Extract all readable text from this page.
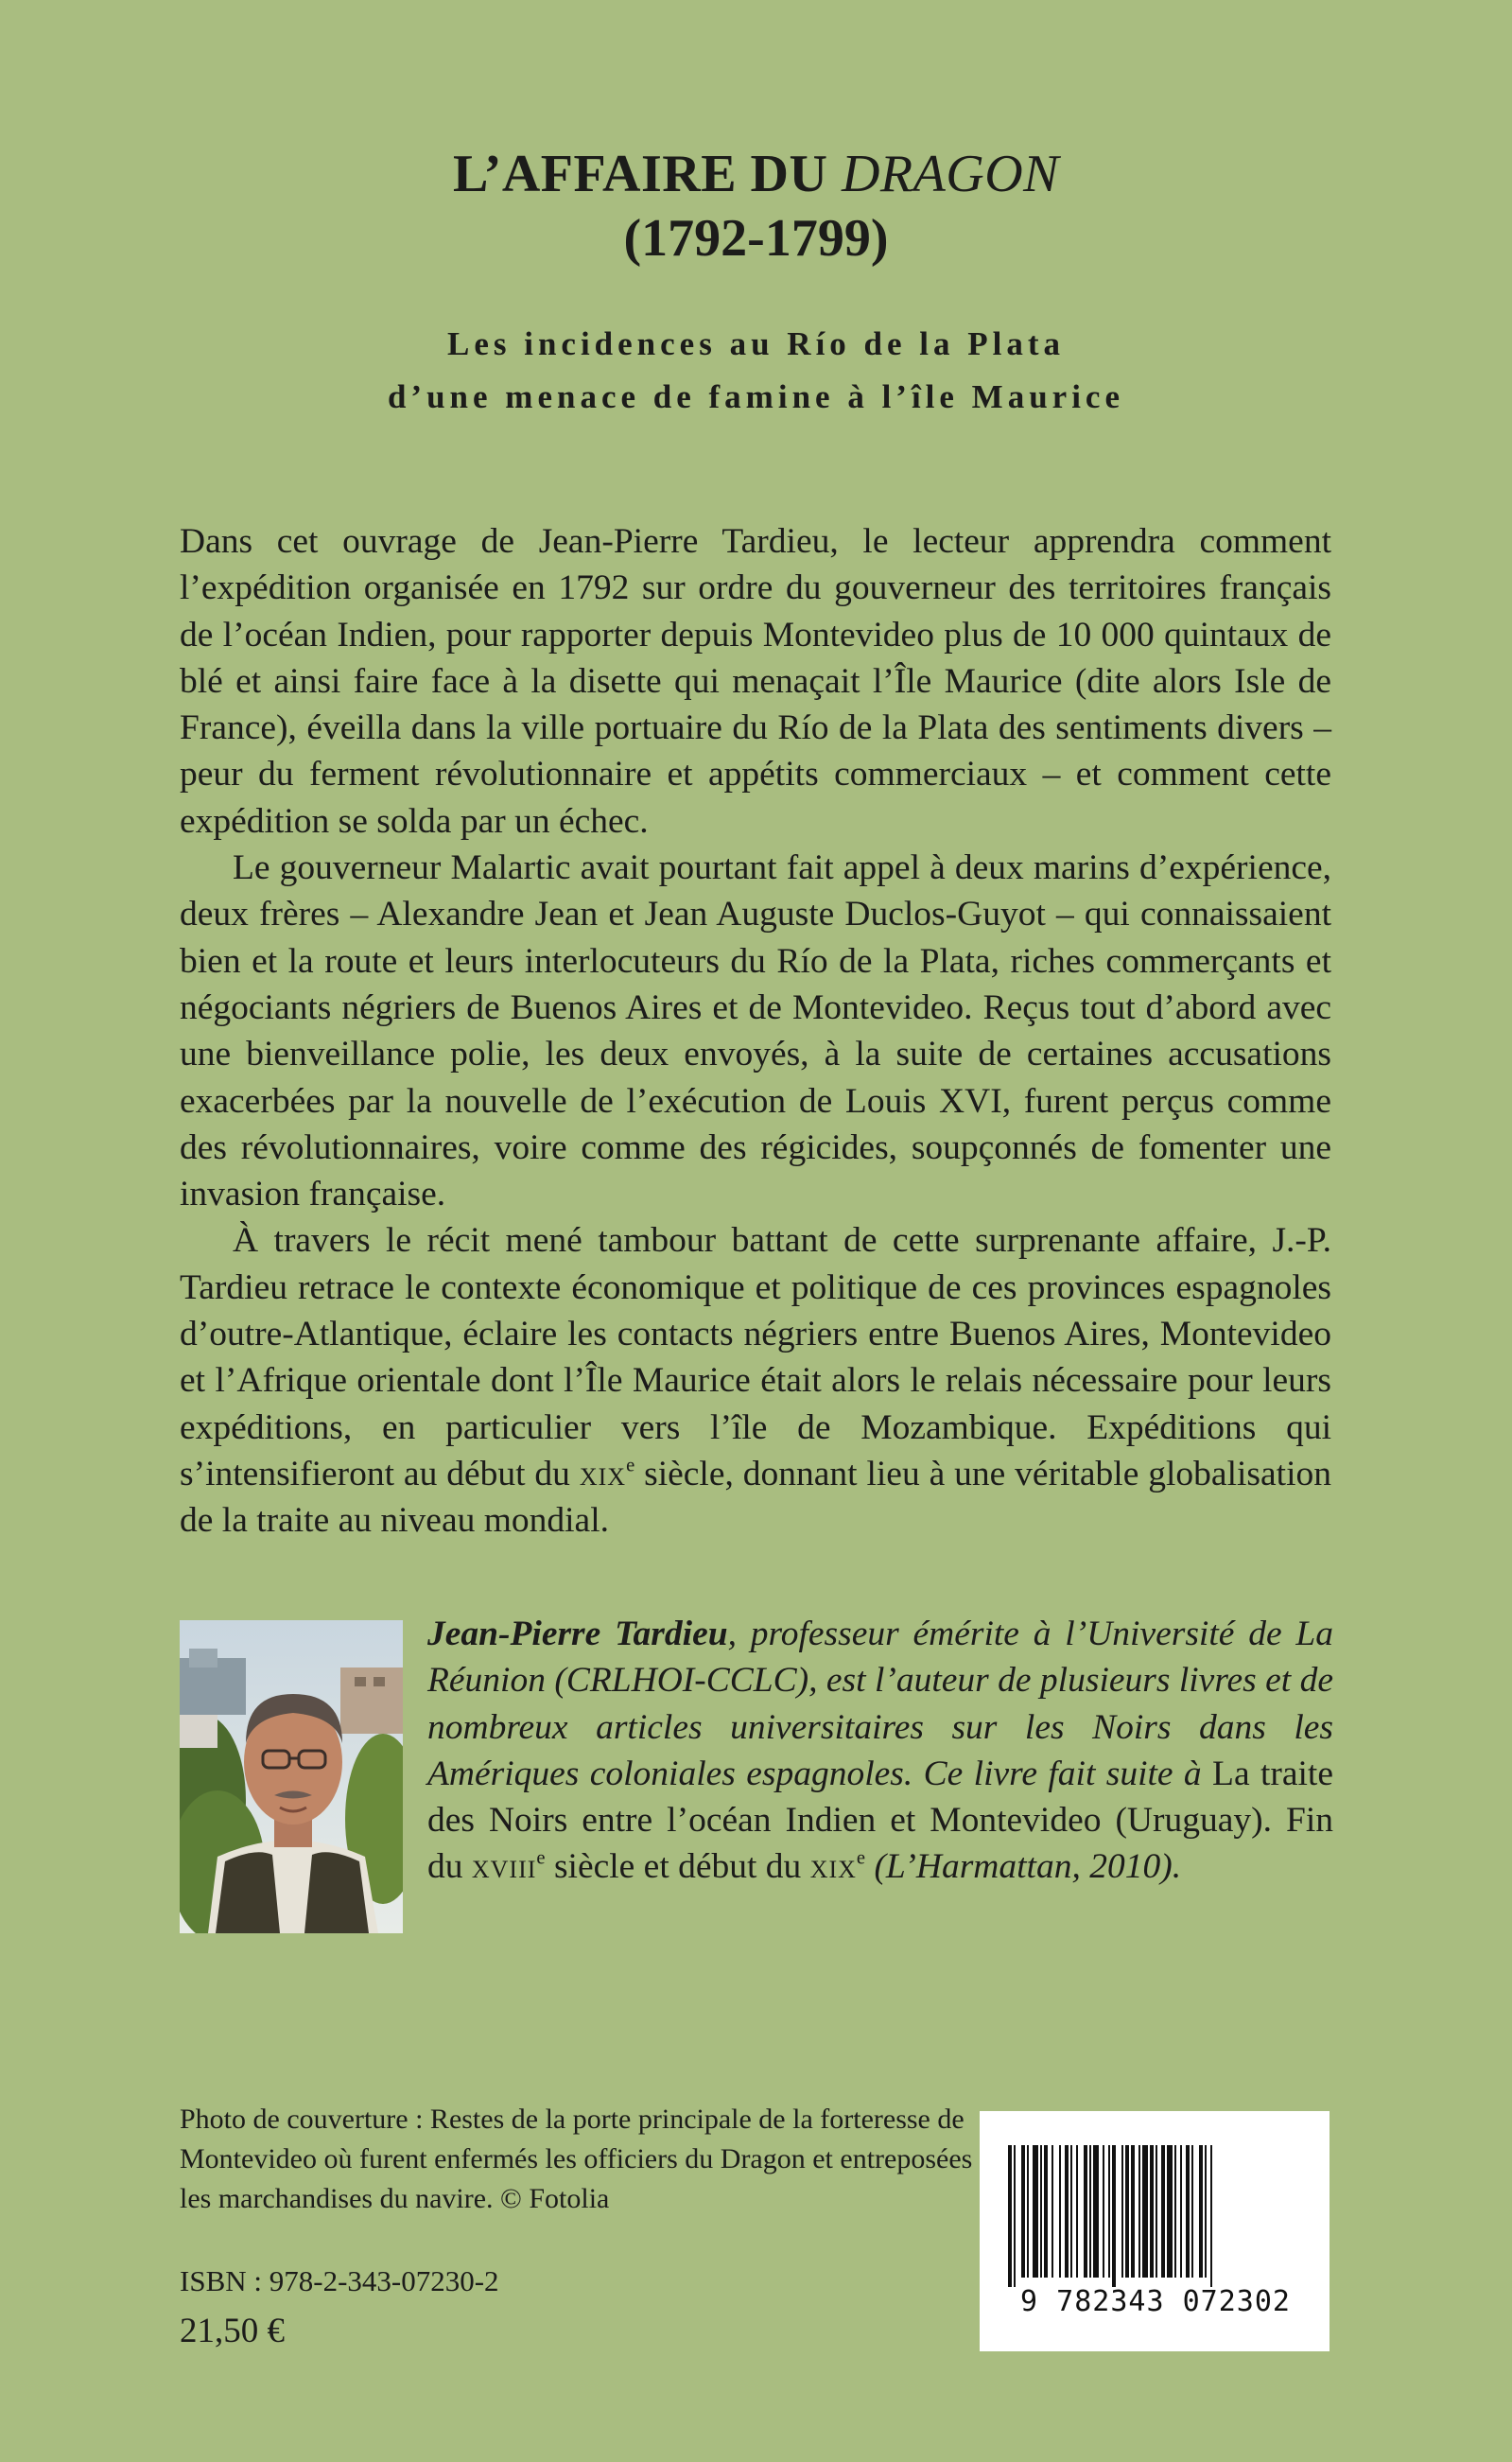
L’AFFAIRE DU DRAGON
(1792-1799)
Les incidences au Río de la Plata
d’une menace de famine à l’île Maurice

Dans cet ouvrage de Jean-Pierre Tardieu, le lecteur apprendra comment l’expédition organisée en 1792 sur ordre du gouverneur des territoires français de l’océan Indien, pour rapporter depuis Montevideo plus de 10 000 quintaux de blé et ainsi faire face à la disette qui menaçait l’Île Maurice (dite alors Isle de France), éveilla dans la ville portuaire du Río de la Plata des sentiments divers – peur du ferment révolutionnaire et appétits commerciaux – et comment cette expédition se solda par un échec.

Le gouverneur Malartic avait pourtant fait appel à deux marins d’expérience, deux frères – Alexandre Jean et Jean Auguste Duclos-Guyot – qui connaissaient bien et la route et leurs interlocuteurs du Río de la Plata, riches commerçants et négociants négriers de Buenos Aires et de Montevideo. Reçus tout d’abord avec une bienveillance polie, les deux envoyés, à la suite de certaines accusations exacerbées par la nouvelle de l’exécution de Louis XVI, furent perçus comme des révolutionnaires, voire comme des régicides, soupçonnés de fomenter une invasion française.

À travers le récit mené tambour battant de cette surprenante affaire, J.-P. Tardieu retrace le contexte économique et politique de ces provinces espagnoles d’outre-Atlantique, éclaire les contacts négriers entre Buenos Aires, Montevideo et l’Afrique orientale dont l’Île Maurice était alors le relais nécessaire pour leurs expéditions, en particulier vers l’île de Mozambique. Expéditions qui s’intensifieront au début du xix$^e$ siècle, donnant lieu à une véritable globalisation de la traite au niveau mondial.

Jean-Pierre Tardieu, professeur émérite à l’Université de La Réunion (CRLHOI-CCLC), est l’auteur de plusieurs livres et de nombreux articles universitaires sur les Noirs dans les Amériques coloniales espagnoles. Ce livre fait suite à La traite des Noirs entre l’océan Indien et Montevideo (Uruguay). Fin du xviii$^e$ siècle et début du xix$^e$ (L’Harmattan, 2010).
Photo de couverture : Restes de la porte principale de la forteresse de Montevideo où furent enfermés les officiers du Dragon et entreposées les marchandises du navire. © Fotolia
ISBN : 978-2-343-07230-2
21,50 €
9 782343 072302
